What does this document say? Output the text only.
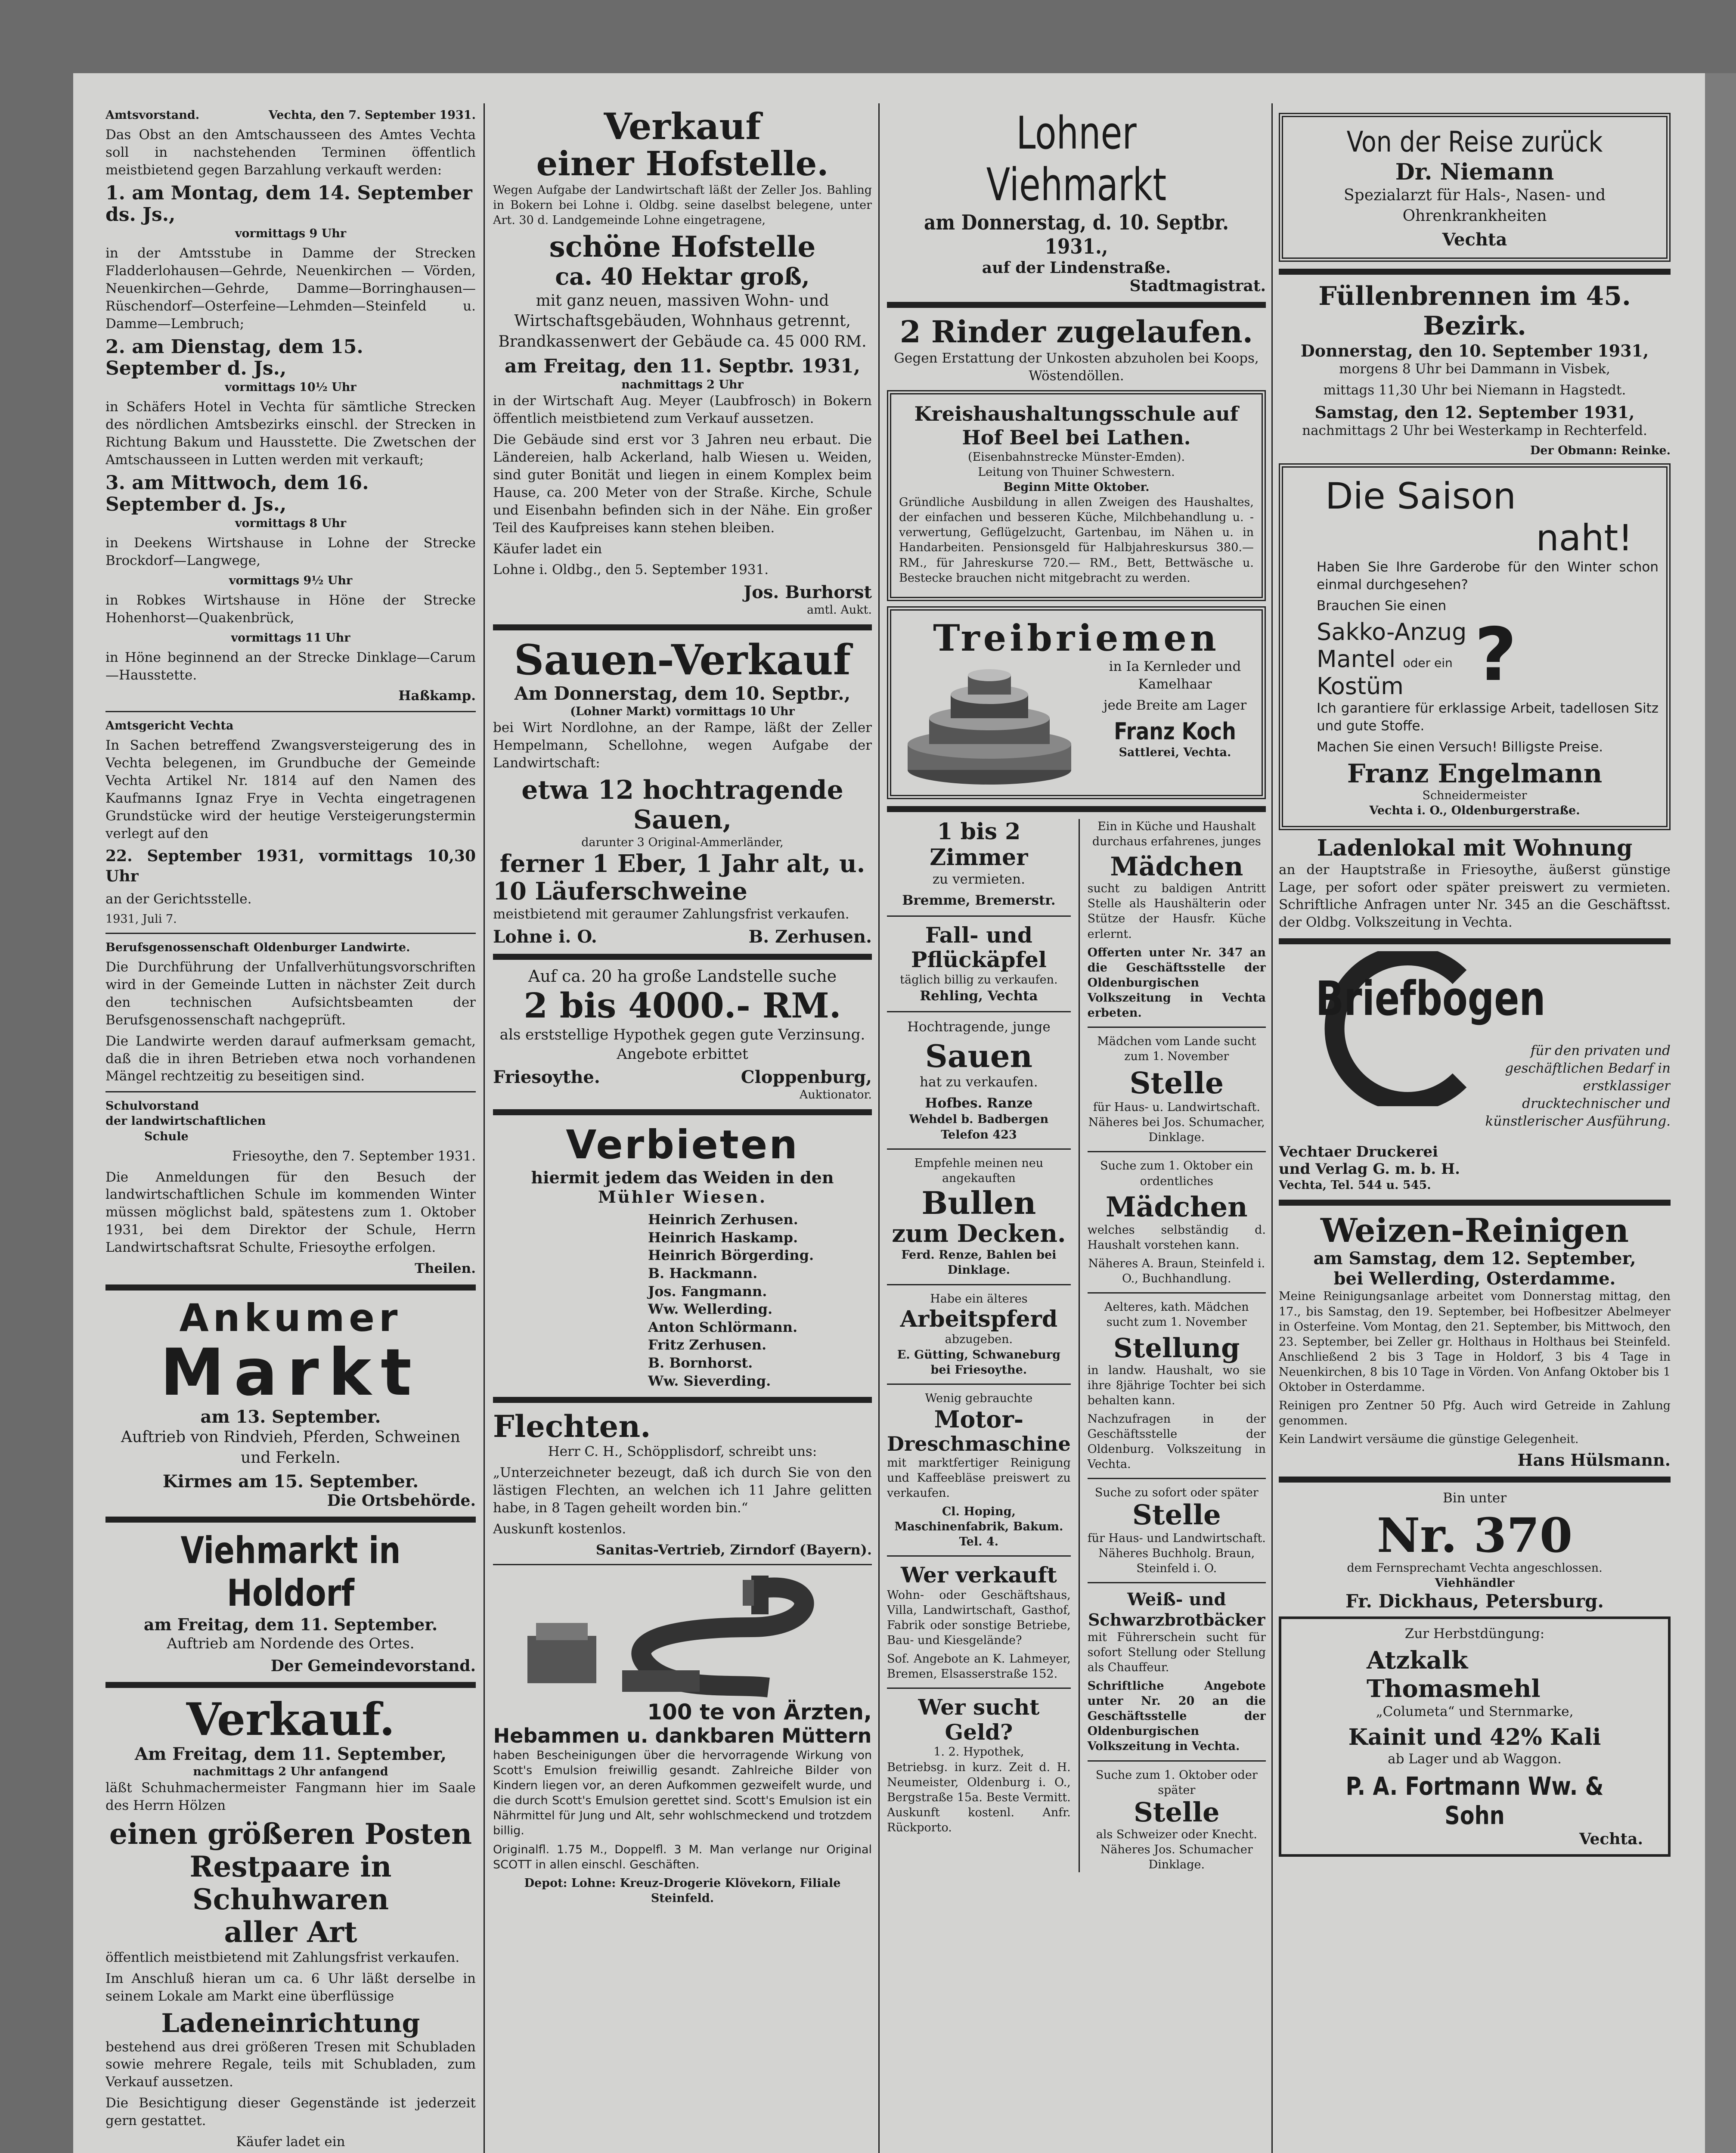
Amtsvorstand.	Vechta, den 7. September 1931.

Das Obst an den Amtschausseen des Amtes Vechta soll in nachstehenden Terminen öffentlich meistbietend gegen Barzahlung verkauft werden:

1. am Montag, dem 14. September ds. Js.,
vormittags 9 Uhr

in der Amtsstube in Damme der Strecken Fladderlohausen—Gehrde, Neuenkirchen — Vörden, Neuenkirchen—Gehrde, Damme—Borringhausen—Rüschendorf—Osterfeine—Lehmden—Steinfeld u. Damme—Lembruch;

2. am Dienstag, dem 15. September d. Js.,
vormittags 10½ Uhr

in Schäfers Hotel in Vechta für sämtliche Strecken des nördlichen Amtsbezirks einschl. der Strecken in Richtung Bakum und Hausstette. Die Zwetschen der Amtschausseen in Lutten werden mit verkauft;

3. am Mittwoch, dem 16. September d. Js.,
vormittags 8 Uhr

in Deekens Wirtshause in Lohne der Strecke Brockdorf—Langwege,

vormittags 9½ Uhr

in Robkes Wirtshause in Höne der Strecke Hohenhorst—Quakenbrück,

vormittags 11 Uhr

in Höne beginnend an der Strecke Dinklage—Carum—Hausstette.

Haßkamp.
Amtsgericht Vechta

In Sachen betreffend Zwangsversteigerung des in Vechta belegenen, im Grundbuche der Gemeinde Vechta Artikel Nr. 1814 auf den Namen des Kaufmanns Ignaz Frye in Vechta eingetragenen Grundstücke wird der heutige Versteigerungstermin verlegt auf den

22. September 1931, vormittags 10,30 Uhr

an der Gerichtsstelle.

1931, Juli 7.

Berufsgenossenschaft Oldenburger Landwirte.

Die Durchführung der Unfallverhütungsvorschriften wird in der Gemeinde Lutten in nächster Zeit durch den technischen Aufsichtsbeamten der Berufsgenossenschaft nachgeprüft.

Die Landwirte werden darauf aufmerksam gemacht, daß die in ihren Betrieben etwa noch vorhandenen Mängel rechtzeitig zu beseitigen sind.

Schulvorstand
der landwirtschaftlichen
Schule
Friesoythe, den 7. September 1931.

Die Anmeldungen für den Besuch der landwirtschaftlichen Schule im kommenden Winter müssen möglichst bald, spätestens zum 1. Oktober 1931, bei dem Direktor der Schule, Herrn Landwirtschaftsrat Schulte, Friesoythe erfolgen.

Theilen.
Ankumer
Markt
am 13. September.
Auftrieb von Rindvieh, Pferden, Schweinen und Ferkeln.
Kirmes am 15. September.
Die Ortsbehörde.
Viehmarkt in Holdorf
am Freitag, dem 11. September.
Auftrieb am Nordende des Ortes.
Der Gemeindevorstand.
Verkauf.
Am Freitag, dem 11. September,
nachmittags 2 Uhr anfangend

läßt Schuhmachermeister Fangmann hier im Saale des Herrn Hölzen

einen größeren Posten
Restpaare in Schuhwaren
aller Art

öffentlich meistbietend mit Zahlungsfrist verkaufen.

Im Anschluß hieran um ca. 6 Uhr läßt derselbe in seinem Lokale am Markt eine überflüssige

Ladeneinrichtung

bestehend aus drei größeren Tresen mit Schubladen sowie mehrere Regale, teils mit Schubladen, zum Verkauf aussetzen.

Die Besichtigung dieser Gegenstände ist jederzeit gern gestattet.

Käufer ladet ein

Verkauf
einer Hofstelle.

Wegen Aufgabe der Landwirtschaft läßt der Zeller Jos. Bahling in Bokern bei Lohne i. Oldbg. seine daselbst belegene, unter Art. 30 d. Landgemeinde Lohne eingetragene,

schöne Hofstelle
ca. 40 Hektar groß,

mit ganz neuen, massiven Wohn- und Wirtschaftsgebäuden, Wohnhaus getrennt, Brandkassenwert der Gebäude ca. 45 000 RM.

am Freitag, den 11. Septbr. 1931,
nachmittags 2 Uhr

in der Wirtschaft Aug. Meyer (Laubfrosch) in Bokern öffentlich meistbietend zum Verkauf aussetzen.

Die Gebäude sind erst vor 3 Jahren neu erbaut. Die Ländereien, halb Ackerland, halb Wiesen u. Weiden, sind guter Bonität und liegen in einem Komplex beim Hause, ca. 200 Meter von der Straße. Kirche, Schule und Eisenbahn befinden sich in der Nähe. Ein großer Teil des Kaufpreises kann stehen bleiben.

Käufer ladet ein

Lohne i. Oldbg., den 5. September 1931.

Jos. Burhorst
amtl. Aukt.
Sauen-Verkauf
Am Donnerstag, dem 10. Septbr.,
(Lohner Markt) vormittags 10 Uhr

bei Wirt Nordlohne, an der Rampe, läßt der Zeller Hempelmann, Schellohne, wegen Aufgabe der Landwirtschaft:

etwa 12 hochtragende Sauen,
darunter 3 Original-Ammerländer,
ferner 1 Eber, 1 Jahr alt, u.
10 Läuferschweine

meistbietend mit geraumer Zahlungsfrist verkaufen.

Lohne i. O.	B. Zerhusen.
Auf ca. 20 ha große Landstelle suche
2 bis 4000.- RM.
als erststellige Hypothek gegen gute Verzinsung. Angebote erbittet
Friesoythe.	Cloppenburg,
Auktionator.
Verbieten
hiermit jedem das Weiden in den
Mühler Wiesen.
Heinrich Zerhusen.
Heinrich Haskamp.
Heinrich Börgerding.
B. Hackmann.
Jos. Fangmann.
Ww. Wellerding.
Anton Schlörmann.
Fritz Zerhusen.
B. Bornhorst.
Ww. Sieverding.
Flechten.

Herr C. H., Schöpplisdorf, schreibt uns:

„Unterzeichneter bezeugt, daß ich durch Sie von den lästigen Flechten, an welchen ich 11 Jahre gelitten habe, in 8 Tagen geheilt worden bin.“

Auskunft kostenlos.

Sanitas-Vertrieb, Zirndorf (Bayern).
100 te von Ärzten,
Hebammen u. dankbaren Müttern

haben Bescheinigungen über die hervorragende Wirkung von Scott's Emulsion freiwillig gesandt. Zahlreiche Bilder von Kindern liegen vor, an deren Aufkommen gezweifelt wurde, und die durch Scott's Emulsion gerettet sind. Scott's Emulsion ist ein Nährmittel für Jung und Alt, sehr wohlschmeckend und trotzdem billig.

Originalfl. 1.75 M., Doppelfl. 3 M. Man verlange nur Original SCOTT in allen einschl. Geschäften.

Depot: Lohne: Kreuz-Drogerie Klövekorn, Filiale Steinfeld.

Lohner Viehmarkt
am Donnerstag, d. 10. Septbr. 1931.,
auf der Lindenstraße.
Stadtmagistrat.
2 Rinder zugelaufen.

Gegen Erstattung der Unkosten abzuholen bei Koops, Wöstendöllen.

Kreishaushaltungsschule auf
Hof Beel bei Lathen.
(Eisenbahnstrecke Münster-Emden).
Leitung von Thuiner Schwestern.
Beginn Mitte Oktober.

Gründliche Ausbildung in allen Zweigen des Haushaltes, der einfachen und besseren Küche, Milchbehandlung u. -verwertung, Geflügelzucht, Gartenbau, im Nähen u. in Handarbeiten. Pensionsgeld für Halbjahreskursus 380.— RM., für Jahreskurse 720.— RM., Bett, Bettwäsche u. Bestecke brauchen nicht mitgebracht zu werden.

Treibriemen
in Ia Kernleder und Kamelhaar
jede Breite am Lager
Franz Koch
Sattlerei, Vechta.
1 bis 2 Zimmer
zu vermieten.
Bremme, Bremerstr.
Fall- und
Pflückäpfel
täglich billig zu verkaufen.
Rehling, Vechta
Hochtragende, junge
Sauen
hat zu verkaufen.
Hofbes. Ranze
Wehdel b. Badbergen
Telefon 423
Empfehle meinen neu angekauften
Bullen
zum Decken.
Ferd. Renze, Bahlen bei Dinklage.
Habe ein älteres
Arbeitspferd
abzugeben.
E. Gütting, Schwaneburg bei Friesoythe.
Wenig gebrauchte
Motor-
Dreschmaschine

mit marktfertiger Reinigung und Kaffeebläse preiswert zu verkaufen.

Cl. Hoping, Maschinenfabrik, Bakum. Tel. 4.
Wer verkauft

Wohn- oder Geschäftshaus, Villa, Landwirtschaft, Gasthof, Fabrik oder sonstige Betriebe, Bau- und Kiesgelände?

Sof. Angebote an K. Lahmeyer, Bremen, Elsasserstraße 152.

Wer sucht Geld?
1. 2. Hypothek,

Betriebsg. in kurz. Zeit d. H. Neumeister, Oldenburg i. O., Bergstraße 15a. Beste Vermitt. Auskunft kostenl. Anfr. Rückporto.

Ein in Küche und Haushalt durchaus erfahrenes, junges

Mädchen

sucht zu baldigen Antritt Stelle als Haushälterin oder Stütze der Hausfr. Küche erlernt.

Offerten unter Nr. 347 an die Geschäftsstelle der Oldenburgischen Volkszeitung in Vechta erbeten.

Mädchen vom Lande sucht zum 1. November

Stelle
für Haus- u. Landwirtschaft.
Näheres bei Jos. Schumacher, Dinklage.

Suche zum 1. Oktober ein ordentliches

Mädchen

welches selbständig d. Haushalt vorstehen kann.

Näheres A. Braun, Steinfeld i. O., Buchhandlung.

Aelteres, kath. Mädchen sucht zum 1. November

Stellung

in landw. Haushalt, wo sie ihre 8jährige Tochter bei sich behalten kann.

Nachzufragen in der Geschäftsstelle der Oldenburg. Volkszeitung in Vechta.

Suche zu sofort oder später
Stelle
für Haus- und Landwirtschaft.
Näheres Buchholg. Braun, Steinfeld i. O.
Weiß- und
Schwarzbrotbäcker

mit Führerschein sucht für sofort Stellung oder Stellung als Chauffeur.

Schriftliche Angebote unter Nr. 20 an die Geschäftsstelle der Oldenburgischen Volkszeitung in Vechta.

Suche zum 1. Oktober oder später
Stelle
als Schweizer oder Knecht.
Näheres Jos. Schumacher Dinklage.
Von der Reise zurück
Dr. Niemann
Spezialarzt für Hals-, Nasen- und Ohrenkrankheiten
Vechta
Füllenbrennen im 45. Bezirk.
Donnerstag, den 10. September 1931,
morgens 8 Uhr bei Dammann in Visbek,
mittags 11,30 Uhr bei Niemann in Hagstedt.
Samstag, den 12. September 1931,
nachmittags 2 Uhr bei Westerkamp in Rechterfeld.
Der Obmann: Reinke.
Die Saison
naht!

Haben Sie Ihre Garderobe für den Winter schon einmal durchgesehen?

Brauchen Sie einen
Sakko-Anzug
Mantel oder ein
Kostüm ?

Ich garantiere für erklassige Arbeit, tadellosen Sitz und gute Stoffe.

Machen Sie einen Versuch! Billigste Preise.

Franz Engelmann
Schneidermeister
Vechta i. O., Oldenburgerstraße.
Ladenlokal mit Wohnung

an der Hauptstraße in Friesoythe, äußerst günstige Lage, per sofort oder später preiswert zu vermieten. Schriftliche Anfragen unter Nr. 345 an die Geschäftsst. der Oldbg. Volkszeitung in Vechta.

Briefbogen

für den privaten und geschäftlichen Bedarf in erstklassiger drucktechnischer und künstlerischer Ausführung.

Vechtaer Druckerei
und Verlag G. m. b. H.
Vechta, Tel. 544 u. 545.
Weizen-Reinigen
am Samstag, dem 12. September,
bei Wellerding, Osterdamme.

Meine Reinigungsanlage arbeitet vom Donnerstag mittag, den 17., bis Samstag, den 19. September, bei Hofbesitzer Abelmeyer in Osterfeine. Vom Montag, den 21. September, bis Mittwoch, den 23. September, bei Zeller gr. Holthaus in Holthaus bei Steinfeld. Anschließend 2 bis 3 Tage in Holdorf, 3 bis 4 Tage in Neuenkirchen, 8 bis 10 Tage in Vörden. Von Anfang Oktober bis 1 Oktober in Osterdamme.

Reinigen pro Zentner 50 Pfg. Auch wird Getreide in Zahlung genommen.

Kein Landwirt versäume die günstige Gelegenheit.

Hans Hülsmann.
Bin unter
Nr. 370
dem Fernsprechamt Vechta angeschlossen.
Viehhändler
Fr. Dickhaus, Petersburg.
Zur Herbstdüngung:
Atzkalk
Thomasmehl
„Columeta“ und Sternmarke,
Kainit und 42% Kali
ab Lager und ab Waggon.
P. A. Fortmann Ww. & Sohn
Vechta.
